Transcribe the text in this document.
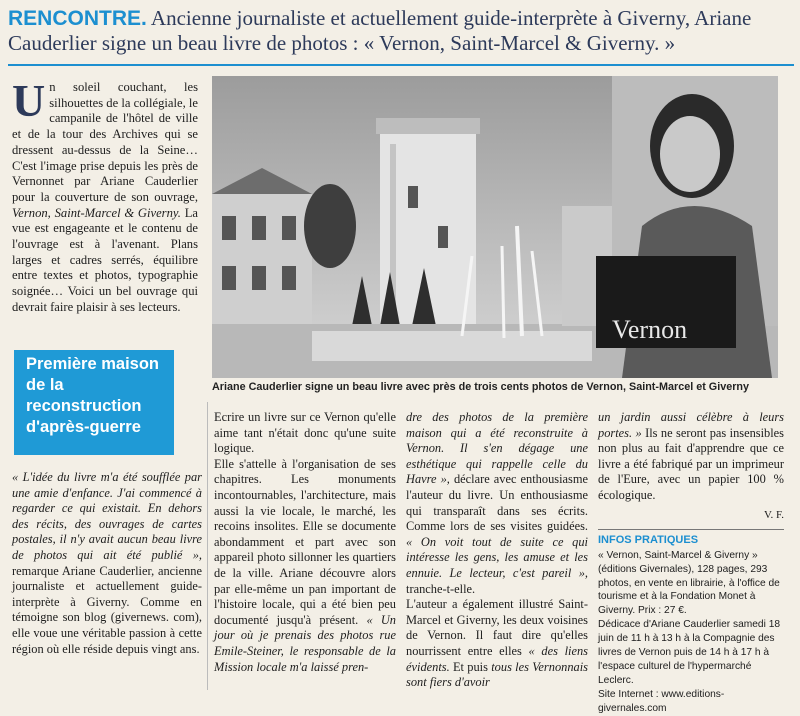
RENCONTRE. Ancienne journaliste et actuellement guide-interprète à Giverny, Ariane Cauderlier signe un beau livre de photos : « Vernon, Saint-Marcel & Giverny. »
Un soleil couchant, les silhouettes de la collégiale, le campanile de l'hôtel de ville et de la tour des Archives qui se dressent au-dessus de la Seine… C'est l'image prise depuis les près de Vernonnet par Ariane Cauderlier pour la couverture de son ouvrage, Vernon, Saint-Marcel & Giverny. La vue est engageante et le contenu de l'ouvrage est à l'avenant. Plans larges et cadres serrés, équilibre entre textes et photos, typographie soignée… Voici un bel ouvrage qui devrait faire plaisir à ses lecteurs.
Vernon
Ariane Cauderlier signe un beau livre avec près de trois cents photos de Vernon, Saint-Marcel et Giverny
Première maison de la reconstruction d'après-guerre
« L'idée du livre m'a été soufflée par une amie d'enfance. J'ai commencé à regarder ce qui existait. En dehors des récits, des ouvrages de cartes postales, il n'y avait aucun beau livre de photos qui ait été publié », remarque Ariane Cauderlier, ancienne journaliste et actuellement guide-interprète à Giverny. Comme en témoigne son blog (givernews. com), elle voue une véritable passion à cette région où elle réside depuis vingt ans.

Ecrire un livre sur ce Vernon qu'elle aime tant n'était donc qu'une suite logique.

Elle s'attelle à l'organisation de ses chapitres. Les monuments incontournables, l'architecture, mais aussi la vie locale, le marché, les recoins insolites. Elle se documente abondamment et part avec son appareil photo sillonner les quartiers de la ville. Ariane découvre alors par elle-même un pan important de l'histoire locale, qui a été bien peu documenté jusqu'à présent. « Un jour où je prenais des photos rue Emile-Steiner, le responsable de la Mission locale m'a laissé pren-

dre des photos de la première maison qui a été reconstruite à Vernon. Il s'en dégage une esthétique qui rappelle celle du Havre », déclare avec enthousiasme l'auteur du livre. Un enthousiasme qui transparaît dans ses écrits. Comme lors de ses visites guidées. « On voit tout de suite ce qui intéresse les gens, les amuse et les ennuie. Le lecteur, c'est pareil », tranche-t-elle.

L'auteur a également illustré Saint-Marcel et Giverny, les deux voisines de Vernon. Il faut dire qu'elles nourrissent entre elles « des liens évidents. Et puis tous les Vernonnais sont fiers d'avoir

un jardin aussi célèbre à leurs portes. » Ils ne seront pas insensibles non plus au fait d'apprendre que ce livre a été fabriqué par un imprimeur de l'Eure, avec un papier 100 % écologique.

V. F.
INFOS PRATIQUES
« Vernon, Saint-Marcel & Giverny » (éditions Givernales), 128 pages, 293 photos, en vente en librairie, à l'office de tourisme et à la Fondation Monet à Giverny. Prix : 27 €.
Dédicace d'Ariane Cauderlier samedi 18 juin de 11 h à 13 h à la Compagnie des livres de Vernon puis de 14 h à 17 h à l'espace culturel de l'hypermarché Leclerc.
Site Internet : www.editions-givernales.com
